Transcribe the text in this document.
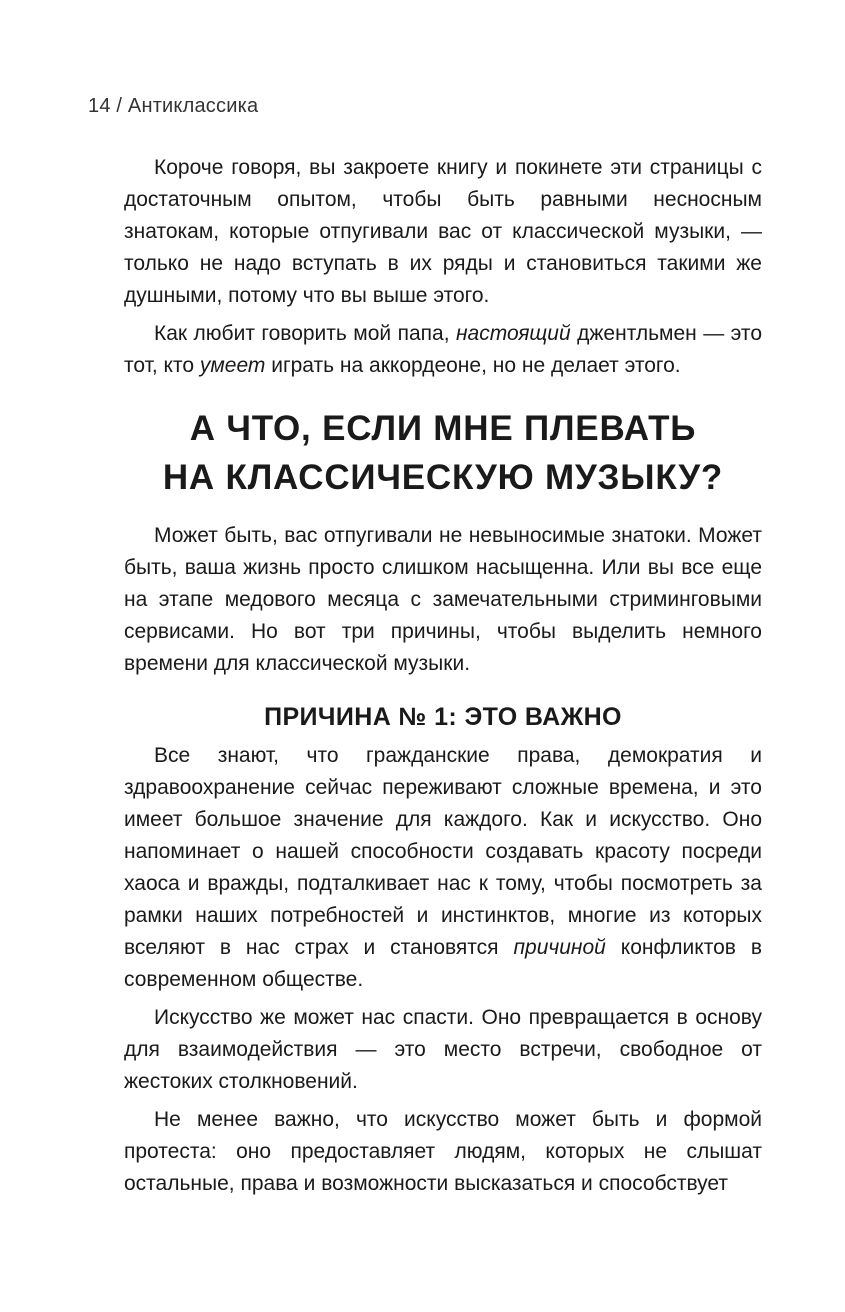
14 / Антиклассика

Короче говоря, вы закроете книгу и покинете эти страницы с достаточным опытом, чтобы быть равными несносным знатокам, которые отпугивали вас от классической музыки, — только не надо вступать в их ряды и становиться такими же душными, потому что вы выше этого.

Как любит говорить мой папа, настоящий джентльмен — это тот, кто умеет играть на аккордеоне, но не делает этого.

А ЧТО, ЕСЛИ МНЕ ПЛЕВАТЬ
НА КЛАССИЧЕСКУЮ МУЗЫКУ?

Может быть, вас отпугивали не невыносимые знатоки. Может быть, ваша жизнь просто слишком насыщенна. Или вы все еще на этапе медового месяца с замечательными стриминговыми сервисами. Но вот три причины, чтобы выделить немного времени для классической музыки.

ПРИЧИНА № 1: ЭТО ВАЖНО

Все знают, что гражданские права, демократия и здравоохранение сейчас переживают сложные времена, и это имеет большое значение для каждого. Как и искусство. Оно напоминает о нашей способности создавать красоту посреди хаоса и вражды, подталкивает нас к тому, чтобы посмотреть за рамки наших потребностей и инстинктов, многие из которых вселяют в нас страх и становятся причиной конфликтов в современном обществе.

Искусство же может нас спасти. Оно превращается в основу для взаимодействия — это место встречи, свободное от жестоких столкновений.

Не менее важно, что искусство может быть и формой протеста: оно предоставляет людям, которых не слышат остальные, права и возможности высказаться и способствует
